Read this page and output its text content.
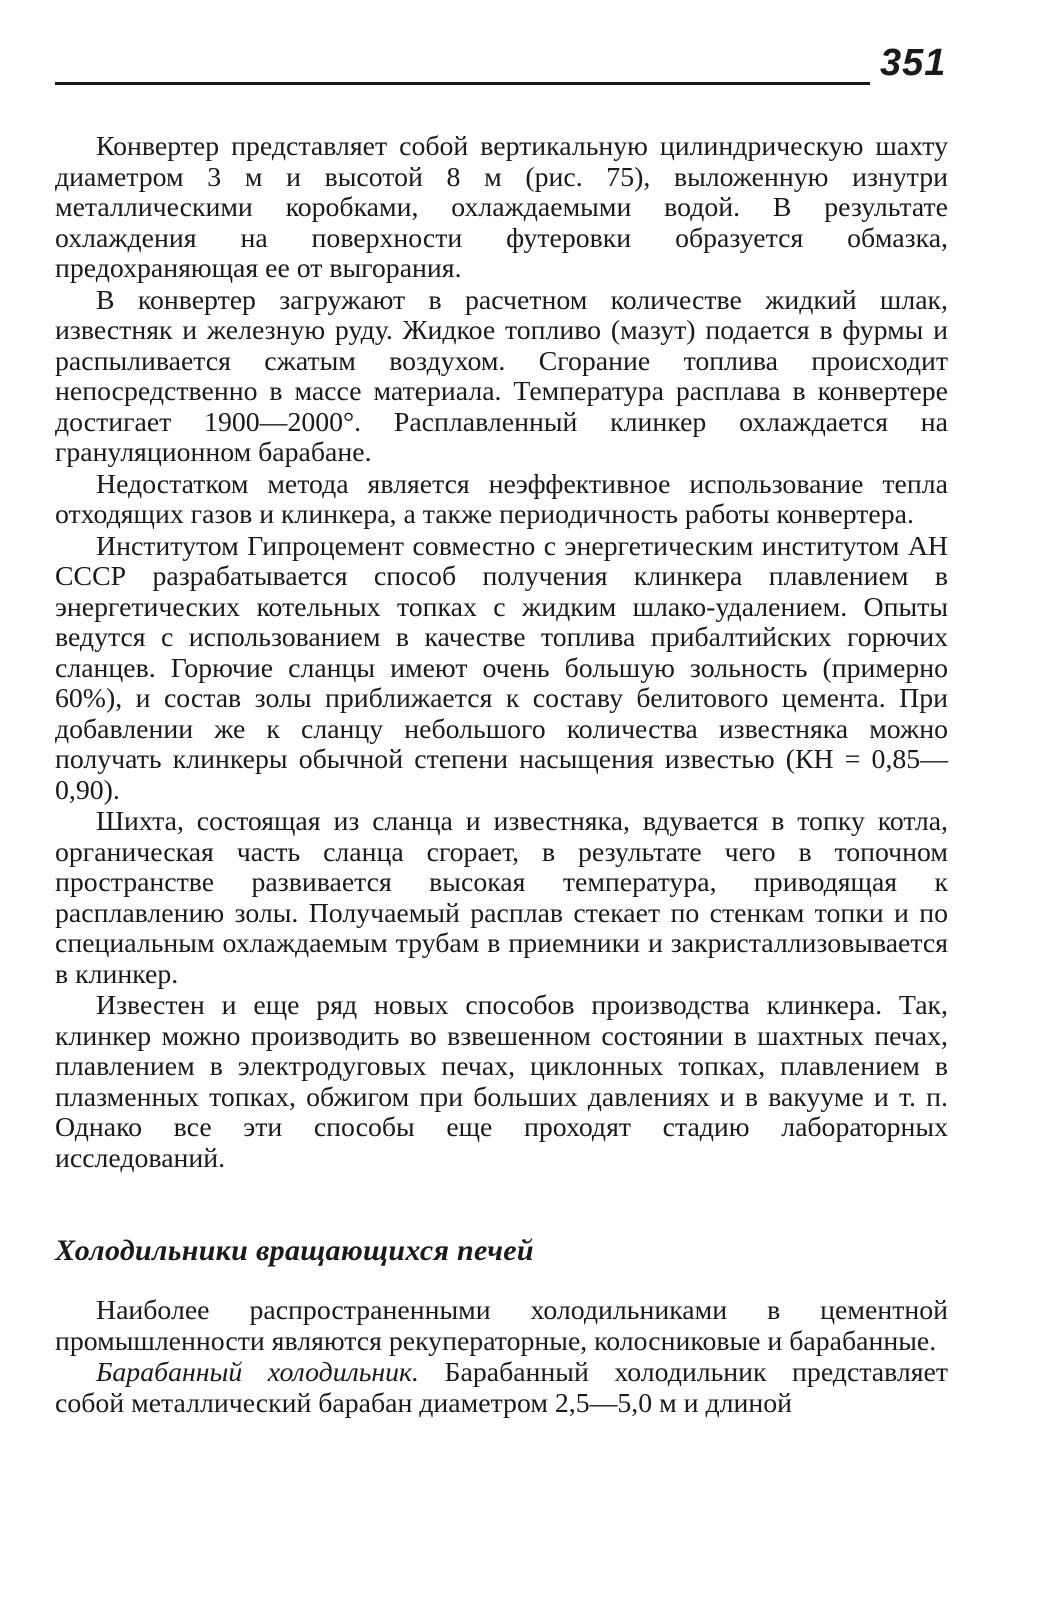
351

Конвертер представляет собой вертикальную цилиндрическую шахту диаметром 3 м и высотой 8 м (рис. 75), выложенную изнутри металлическими коробками, охлаждаемыми водой. В результате охлаждения на поверхности футеровки образуется обмазка, предохраняющая ее от выгорания.

В конвертер загружают в расчетном количестве жидкий шлак, известняк и железную руду. Жидкое топливо (мазут) подается в фурмы и распыливается сжатым воздухом. Сгорание топлива происходит непосредственно в массе материала. Температура расплава в конвертере достигает 1900—2000°. Расплавленный клинкер охлаждается на грануляционном барабане.

Недостатком метода является неэффективное использование тепла отходящих газов и клинкера, а также периодичность работы конвертера.

Институтом Гипроцемент совместно с энергетическим институтом АН СССР разрабатывается способ получения клинкера плавлением в энергетических котельных топках с жидким шлако-удалением. Опыты ведутся с использованием в качестве топлива прибалтийских горючих сланцев. Горючие сланцы имеют очень большую зольность (примерно 60%), и состав золы приближается к составу белитового цемента. При добавлении же к сланцу небольшого количества известняка можно получать клинкеры обычной степени насыщения известью (КН = 0,85—0,90).

Шихта, состоящая из сланца и известняка, вдувается в топку котла, органическая часть сланца сгорает, в результате чего в топочном пространстве развивается высокая температура, приводящая к расплавлению золы. Получаемый расплав стекает по стенкам топки и по специальным охлаждаемым трубам в приемники и закристаллизовывается в клинкер.

Известен и еще ряд новых способов производства клинкера. Так, клинкер можно производить во взвешенном состоянии в шахтных печах, плавлением в электродуговых печах, циклонных топках, плавлением в плазменных топках, обжигом при больших давлениях и в вакууме и т. п. Однако все эти способы еще проходят стадию лабораторных исследований.

Холодильники вращающихся печей

Наиболее распространенными холодильниками в цементной промышленности являются рекуператорные, колосниковые и барабанные.

Барабанный холодильник. Барабанный холодильник представляет собой металлический барабан диаметром 2,5—5,0 м и длиной
